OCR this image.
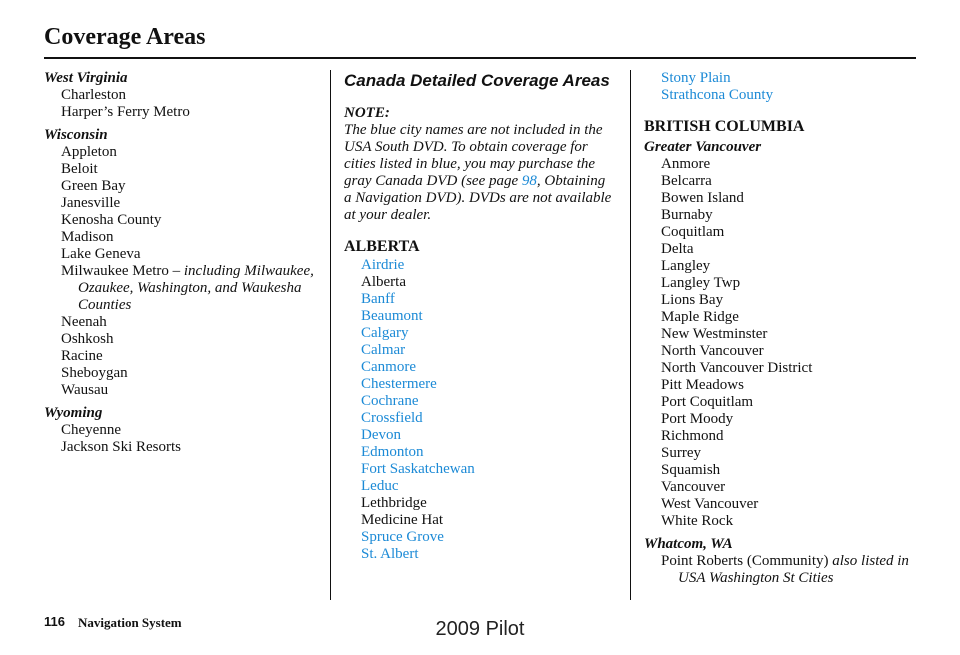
Coverage Areas
West Virginia
Charleston
Harper’s Ferry Metro
Wisconsin
Appleton
Beloit
Green Bay
Janesville
Kenosha County
Madison
Lake Geneva
Milwaukee Metro – including Milwaukee, Ozaukee, Washington, and Waukesha Counties
Neenah
Oshkosh
Racine
Sheboygan
Wausau
Wyoming
Cheyenne
Jackson Ski Resorts
Canada Detailed Coverage Areas
NOTE:
The blue city names are not included in the USA South DVD. To obtain coverage for cities listed in blue, you may purchase the gray Canada DVD (see page 98, Obtaining a Navigation DVD). DVDs are not available at your dealer.
ALBERTA
Airdrie
Alberta
Banff
Beaumont
Calgary
Calmar
Canmore
Chestermere
Cochrane
Crossfield
Devon
Edmonton
Fort Saskatchewan
Leduc
Lethbridge
Medicine Hat
Spruce Grove
St. Albert
Stony Plain
Strathcona County
BRITISH COLUMBIA
Greater Vancouver
Anmore
Belcarra
Bowen Island
Burnaby
Coquitlam
Delta
Langley
Langley Twp
Lions Bay
Maple Ridge
New Westminster
North Vancouver
North Vancouver District
Pitt Meadows
Port Coquitlam
Port Moody
Richmond
Surrey
Squamish
Vancouver
West Vancouver
White Rock
Whatcom, WA
Point Roberts (Community) also listed in USA Washington St Cities
116 Navigation System	2009 Pilot
